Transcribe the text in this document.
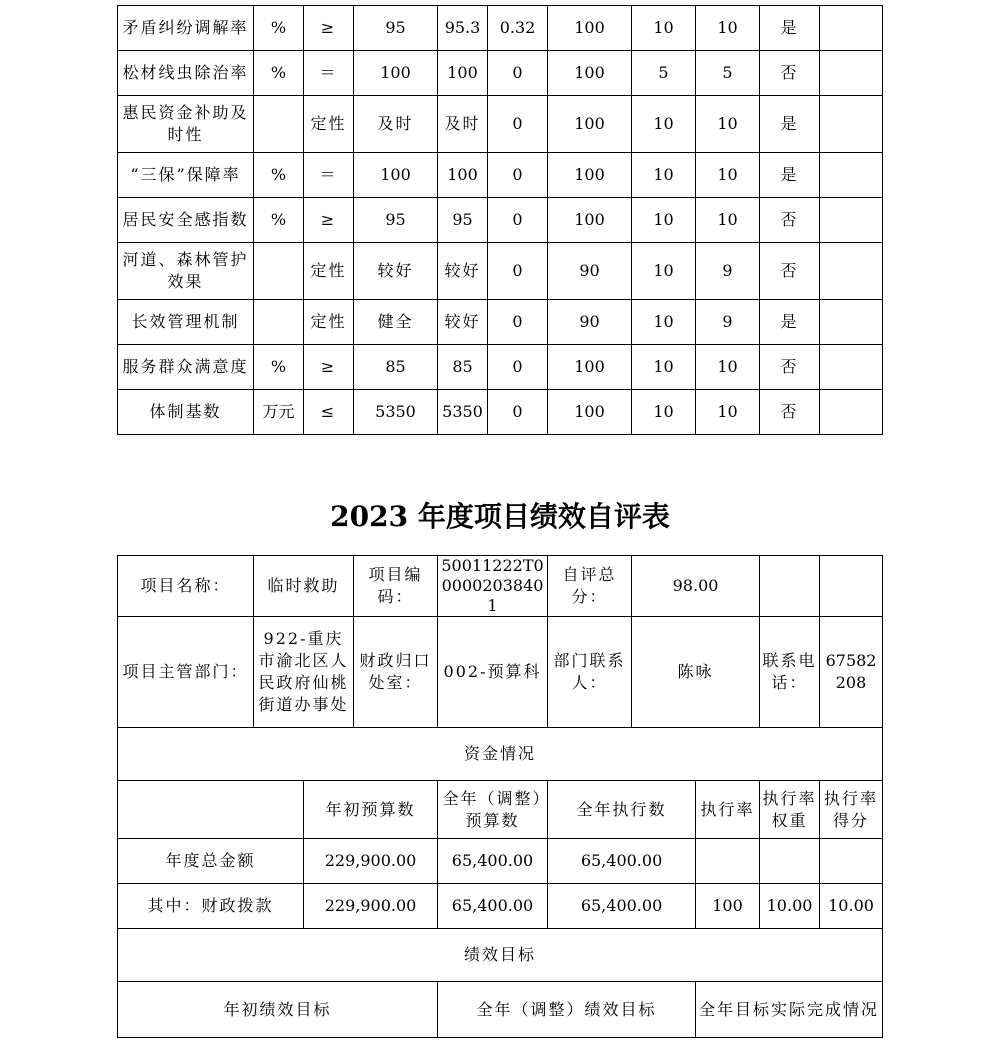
矛盾纠纷调解率	%	≥	95	95.3	0.32	100	10	10	是	
松材线虫除治率	%	＝	100	100	0	100	5	5	否	
惠民资金补助及时性		定性	及时	及时	0	100	10	10	是	
“三保”保障率	%	＝	100	100	0	100	10	10	是	
居民安全感指数	%	≥	95	95	0	100	10	10	否	
河道、森林管护效果		定性	较好	较好	0	90	10	9	否	
长效管理机制		定性	健全	较好	0	90	10	9	是	
服务群众满意度	%	≥	85	85	0	100	10	10	否	
体制基数	万元	≤	5350	5350	0	100	10	10	否	
2023 年度项目绩效自评表
项目名称：	临时救助		项目编码：	50011222T000002038401	自评总分：	98.00			
项目主管部门：	922-重庆市渝北区人民政府仙桃街道办事处		财政归口处室：	002-预算科	部门联系人：	陈咏		联系电话：	67582208
资金情况									
		年初预算数		全年（调整）预算数	全年执行数		执行率	执行率权重	执行率得分
年度总金额		229,900.00		65,400.00	65,400.00				
其中：财政拨款		229,900.00		65,400.00	65,400.00		100	10.00	10.00
绩效目标									
年初绩效目标				全年（调整）绩效目标			全年目标实际完成情况		
